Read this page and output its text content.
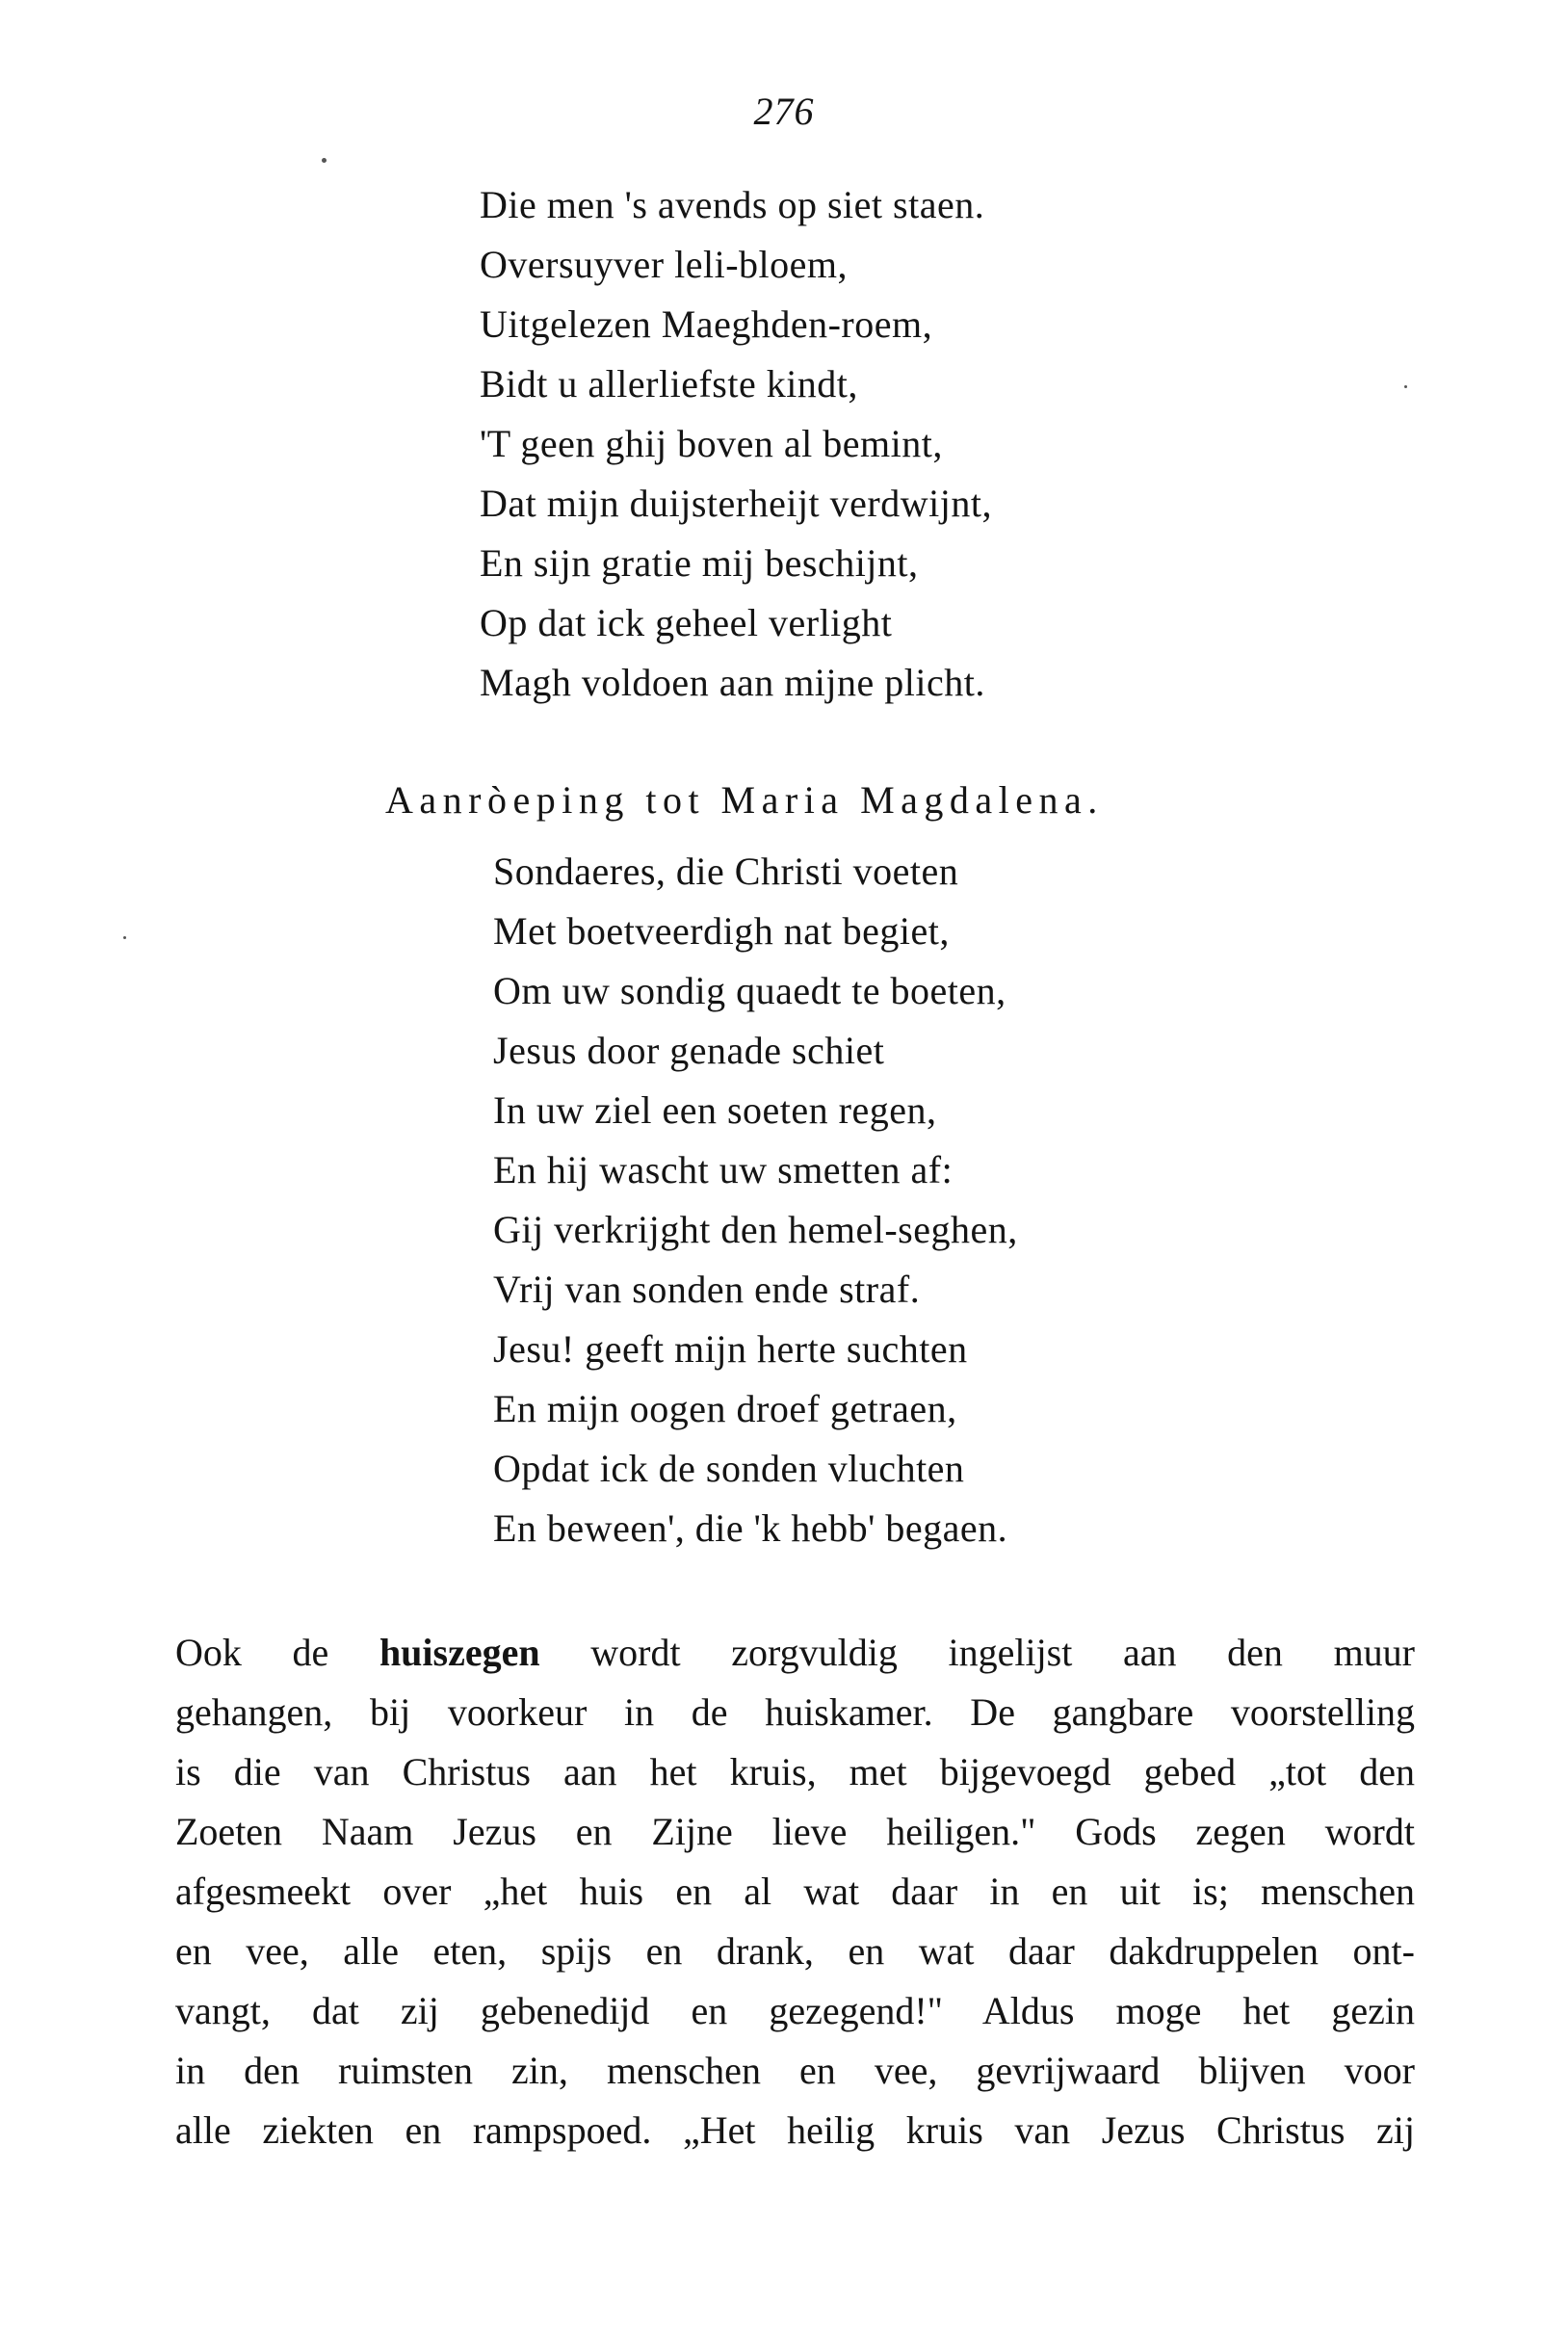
276
Die men 's avends op siet staen.
Oversuyver leli-bloem,
Uitgelezen Maeghden-roem,
Bidt u allerliefste kindt,
'T geen ghij boven al bemint,
Dat mijn duijsterheijt verdwijnt,
En sijn gratie mij beschijnt,
Op dat ick geheel verlight
Magh voldoen aan mijne plicht.
Aanròeping tot Maria Magdalena.
Sondaeres, die Christi voeten
Met boetveerdigh nat begiet,
Om uw sondig quaedt te boeten,
Jesus door genade schiet
In uw ziel een soeten regen,
En hij wascht uw smetten af:
Gij verkrijght den hemel-seghen,
Vrij van sonden ende straf.
Jesu! geeft mijn herte suchten
En mijn oogen droef getraen,
Opdat ick de sonden vluchten
En beween', die 'k hebb' begaen.
Ook de huiszegen wordt zorgvuldig ingelijst aan den muur
gehangen, bij voorkeur in de huiskamer. De gangbare voorstelling
is die van Christus aan het kruis, met bijgevoegd gebed „tot den
Zoeten Naam Jezus en Zijne lieve heiligen." Gods zegen wordt
afgesmeekt over „het huis en al wat daar in en uit is; menschen
en vee, alle eten, spijs en drank, en wat daar dakdruppelen ont-
vangt, dat zij gebenedijd en gezegend!" Aldus moge het gezin
in den ruimsten zin, menschen en vee, gevrijwaard blijven voor
alle ziekten en rampspoed. „Het heilig kruis van Jezus Christus zij
